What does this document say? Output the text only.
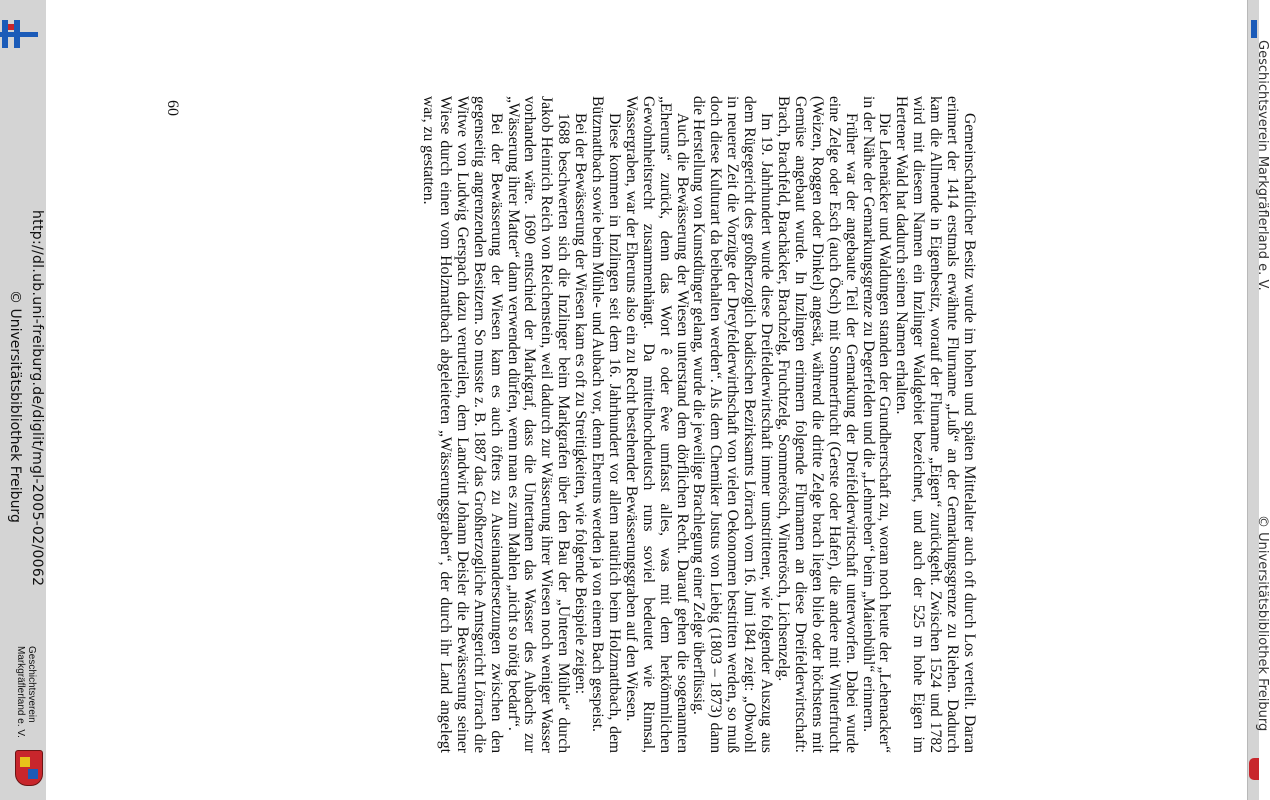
© Universitätsbibliothek Freiburg
Geschichtsverein Markgräflerland e. V.

Gemeinschaftlicher Besitz wurde im hohen und späten Mittelalter auch oft durch Los verteilt. Daran erinnert der 1414 erstmals erwähnte Flurname „Luß“ an der Gemarkungsgrenze zu Riehen. Dadurch kam die Allmende in Eigenbesitz, worauf der Flurname „Eigen“ zurückgeht. Zwischen 1524 und 1782 wird mit diesem Namen ein Inzlinger Waldgebiet bezeichnet, und auch der 525 m hohe Eigen im Hertener Wald hat dadurch seinen Namen erhalten.

Die Lehenäcker und Waldungen standen der Grundherrschaft zu, woran noch heute der „Lehenacker“ in der Nähe der Gemarkungsgrenze zu Degerfelden und die „Lehnreben“ beim „Maienbühl“ erinnern.

Früher war der angebaute Teil der Gemarkung der Dreifelderwirtschaft unterworfen. Dabei wurde eine Zelge oder Esch (auch Ösch) mit Sommerfrucht (Gerste oder Hafer), die andere mit Winterfrucht (Weizen, Roggen oder Dinkel) angesät, während die dritte Zelge brach liegen blieb oder höchstens mit Gemüse angebaut wurde. In Inzlingen erinnern folgende Flurnamen an diese Dreifelderwirtschaft: Brach, Brachfeld, Brachäcker, Brachzelg, Fruchtzelg, Sommerösch, Winterösch, Lichsenzelg.

Im 19. Jahrhundert wurde diese Dreifelderwirtschaft immer umstrittener, wie folgender Auszug aus dem Rügegericht des großherzoglich badischen Bezirksamts Lörrach vom 16. Juni 1841 zeigt: „Obwohl in neuerer Zeit die Vorzüge der Dreyfelderwirthschaft von vielen Oekonomen bestritten werden, so muß doch diese Kulturart da beibehalten werden“. Als dem Chemiker Justus von Liebig (1803 – 1873) dann die Herstellung von Kunstdünger gelang, wurde die jeweilige Brachlegung einer Zelge überflüssig.

Auch die Bewässerung der Wiesen unterstand dem dörflichen Recht. Darauf gehen die sogenannten „Eheruns“ zurück, denn das Wort ê oder êwe umfasst alles, was mit dem herkömmlichen Gewohnheitsrecht zusammenhängt. Da mittelhochdeutsch runs soviel bedeutet wie Rinnsal, Wassergraben, war der Eheruns also ein zu Recht bestehender Bewässerungsgraben auf den Wiesen.

Diese kommen in Inzlingen seit dem 16. Jahrhundert vor allem natürlich beim Holzmattbach, dem Bützmattbach sowie beim Mühle- und Aubach vor, denn Eheruns werden ja von einem Bach gespeist.

Bei der Bewässerung der Wiesen kam es oft zu Streitigkeiten, wie folgende Beispiele zeigen:

1688 beschwerten sich die Inzlinger beim Markgrafen über den Bau der „Unteren Mühle“ durch Jakob Heinrich Reich von Reichenstein, weil dadurch zur Wässerung ihrer Wiesen noch weniger Wasser vorhanden wäre. 1690 entschied der Markgraf, dass die Untertanen das Wasser des Aubachs zur „Wässerung ihrer Matter“ dann verwenden dürfen, wenn man es zum Mahlen „nicht so nötig bedarf“.

Bei der Bewässerung der Wiesen kam es auch öfters zu Auseinandersetzungen zwischen den gegenseitig angrenzenden Besitzern. So musste z. B. 1887 das Großherzogliche Amtsgericht Lörrach die Witwe von Ludwig Gerspach dazu verurteilen, dem Landwirt Johann Deisler die Bewässerung seiner Wiese durch einen vom Holzmattbach abgeleiteten „Wässerungsgraben“, der durch ihr Land angelegt war, zu gestatten.

60
http://dl.ub.uni-freiburg.de/diglit/mgl-2005-02/0062
© Universitätsbibliothek Freiburg
Geschichtsverein
Markgräflerland e. V.
